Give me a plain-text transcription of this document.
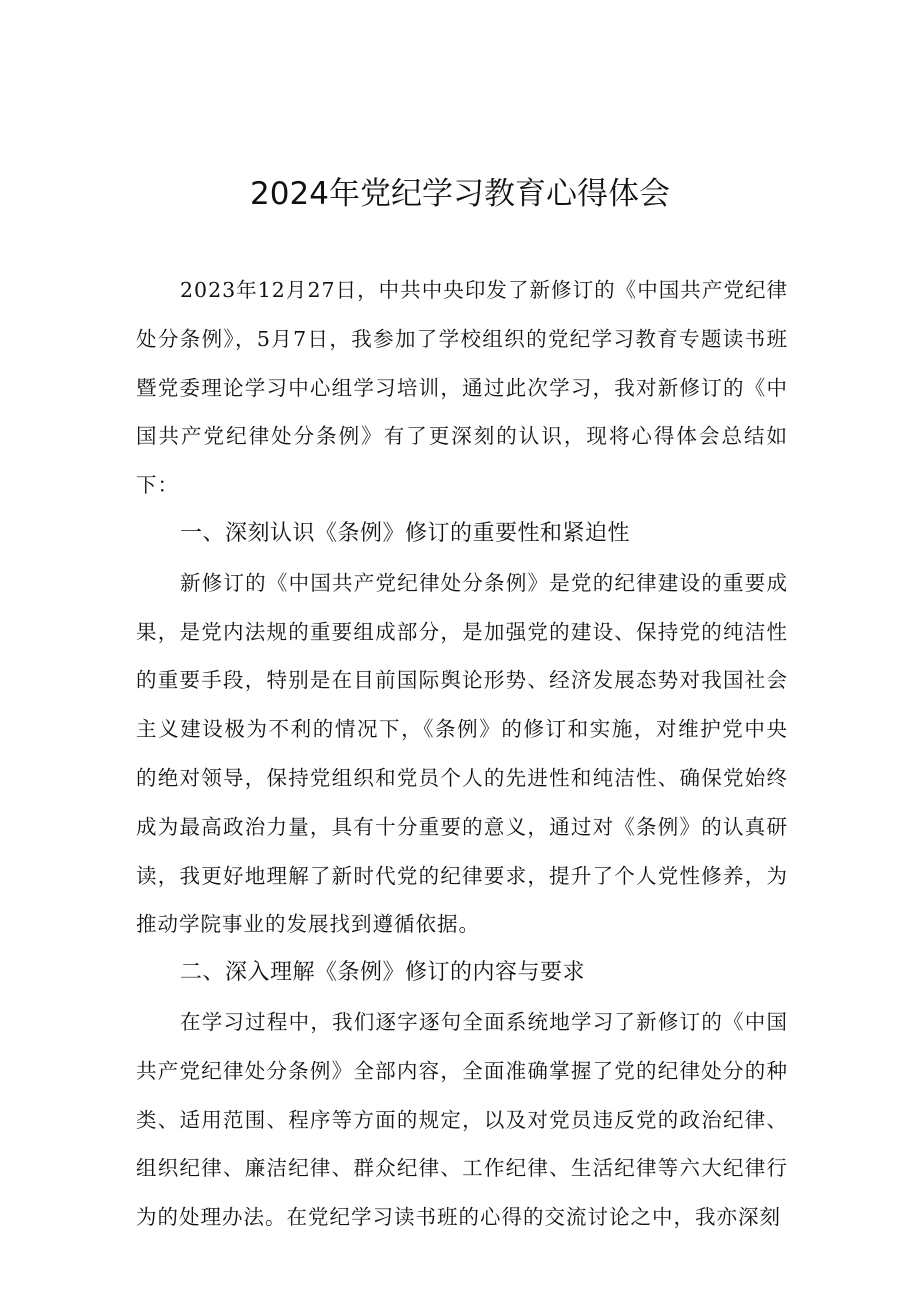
2024年党纪学习教育心得体会

2023年12月27日，中共中央印发了新修订的《中国共产党纪律处分条例》，5月7日，我参加了学校组织的党纪学习教育专题读书班暨党委理论学习中心组学习培训，通过此次学习，我对新修订的《中国共产党纪律处分条例》有了更深刻的认识，现将心得体会总结如下：

一、深刻认识《条例》修订的重要性和紧迫性

新修订的《中国共产党纪律处分条例》是党的纪律建设的重要成果，是党内法规的重要组成部分，是加强党的建设、保持党的纯洁性的重要手段，特别是在目前国际舆论形势、经济发展态势对我国社会主义建设极为不利的情况下，《条例》的修订和实施，对维护党中央的绝对领导，保持党组织和党员个人的先进性和纯洁性、确保党始终成为最高政治力量，具有十分重要的意义，通过对《条例》的认真研读，我更好地理解了新时代党的纪律要求，提升了个人党性修养，为推动学院事业的发展找到遵循依据。

二、深入理解《条例》修订的内容与要求

在学习过程中，我们逐字逐句全面系统地学习了新修订的《中国共产党纪律处分条例》全部内容，全面准确掌握了党的纪律处分的种类、适用范围、程序等方面的规定，以及对党员违反党的政治纪律、组织纪律、廉洁纪律、群众纪律、工作纪律、生活纪律等六大纪律行为的处理办法。在党纪学习读书班的心得的交流讨论之中，我亦深刻
